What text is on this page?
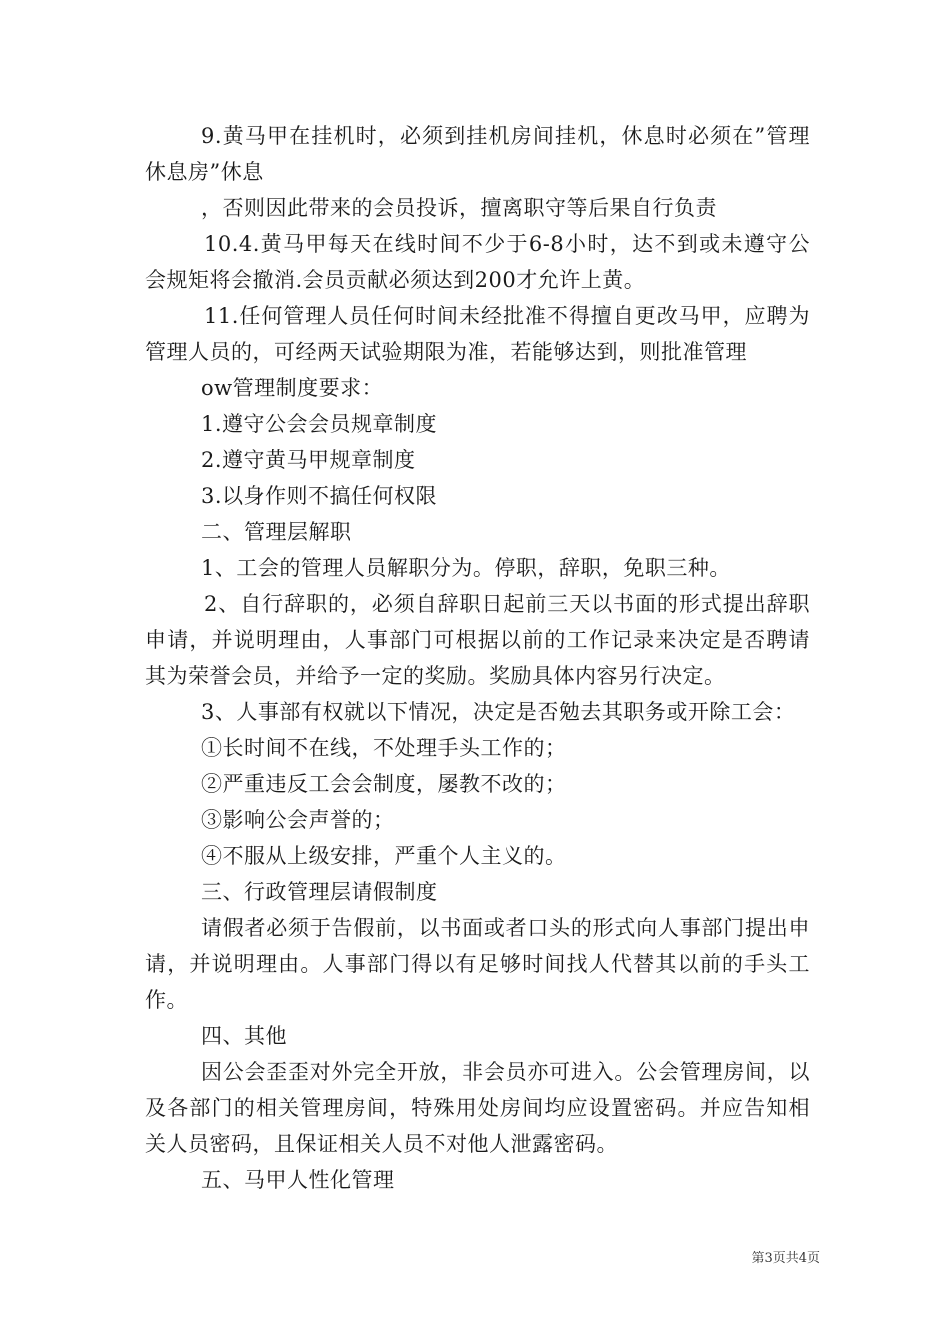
9.黄马甲在挂机时，必须到挂机房间挂机，休息时必须在”管理休息房”休息

，否则因此带来的会员投诉，擅离职守等后果自行负责

10.4.黄马甲每天在线时间不少于6-8小时，达不到或未遵守公会规矩将会撤消.会员贡献必须达到200才允许上黄。

11.任何管理人员任何时间未经批准不得擅自更改马甲，应聘为管理人员的，可经两天试验期限为准，若能够达到，则批准管理

ow管理制度要求：

1.遵守公会会员规章制度

2.遵守黄马甲规章制度

3.以身作则不搞任何权限

二、管理层解职

1、工会的管理人员解职分为。停职，辞职，免职三种。

2、自行辞职的，必须自辞职日起前三天以书面的形式提出辞职申请，并说明理由，人事部门可根据以前的工作记录来决定是否聘请其为荣誉会员，并给予一定的奖励。奖励具体内容另行决定。

3、人事部有权就以下情况，决定是否勉去其职务或开除工会：

①长时间不在线，不处理手头工作的；

②严重违反工会会制度，屡教不改的；

③影响公会声誉的；

④不服从上级安排，严重个人主义的。

三、行政管理层请假制度

请假者必须于告假前，以书面或者口头的形式向人事部门提出申请，并说明理由。人事部门得以有足够时间找人代替其以前的手头工作。

四、其他

因公会歪歪对外完全开放，非会员亦可进入。公会管理房间，以及各部门的相关管理房间，特殊用处房间均应设置密码。并应告知相关人员密码，且保证相关人员不对他人泄露密码。

五、马甲人性化管理

第3页共4页
